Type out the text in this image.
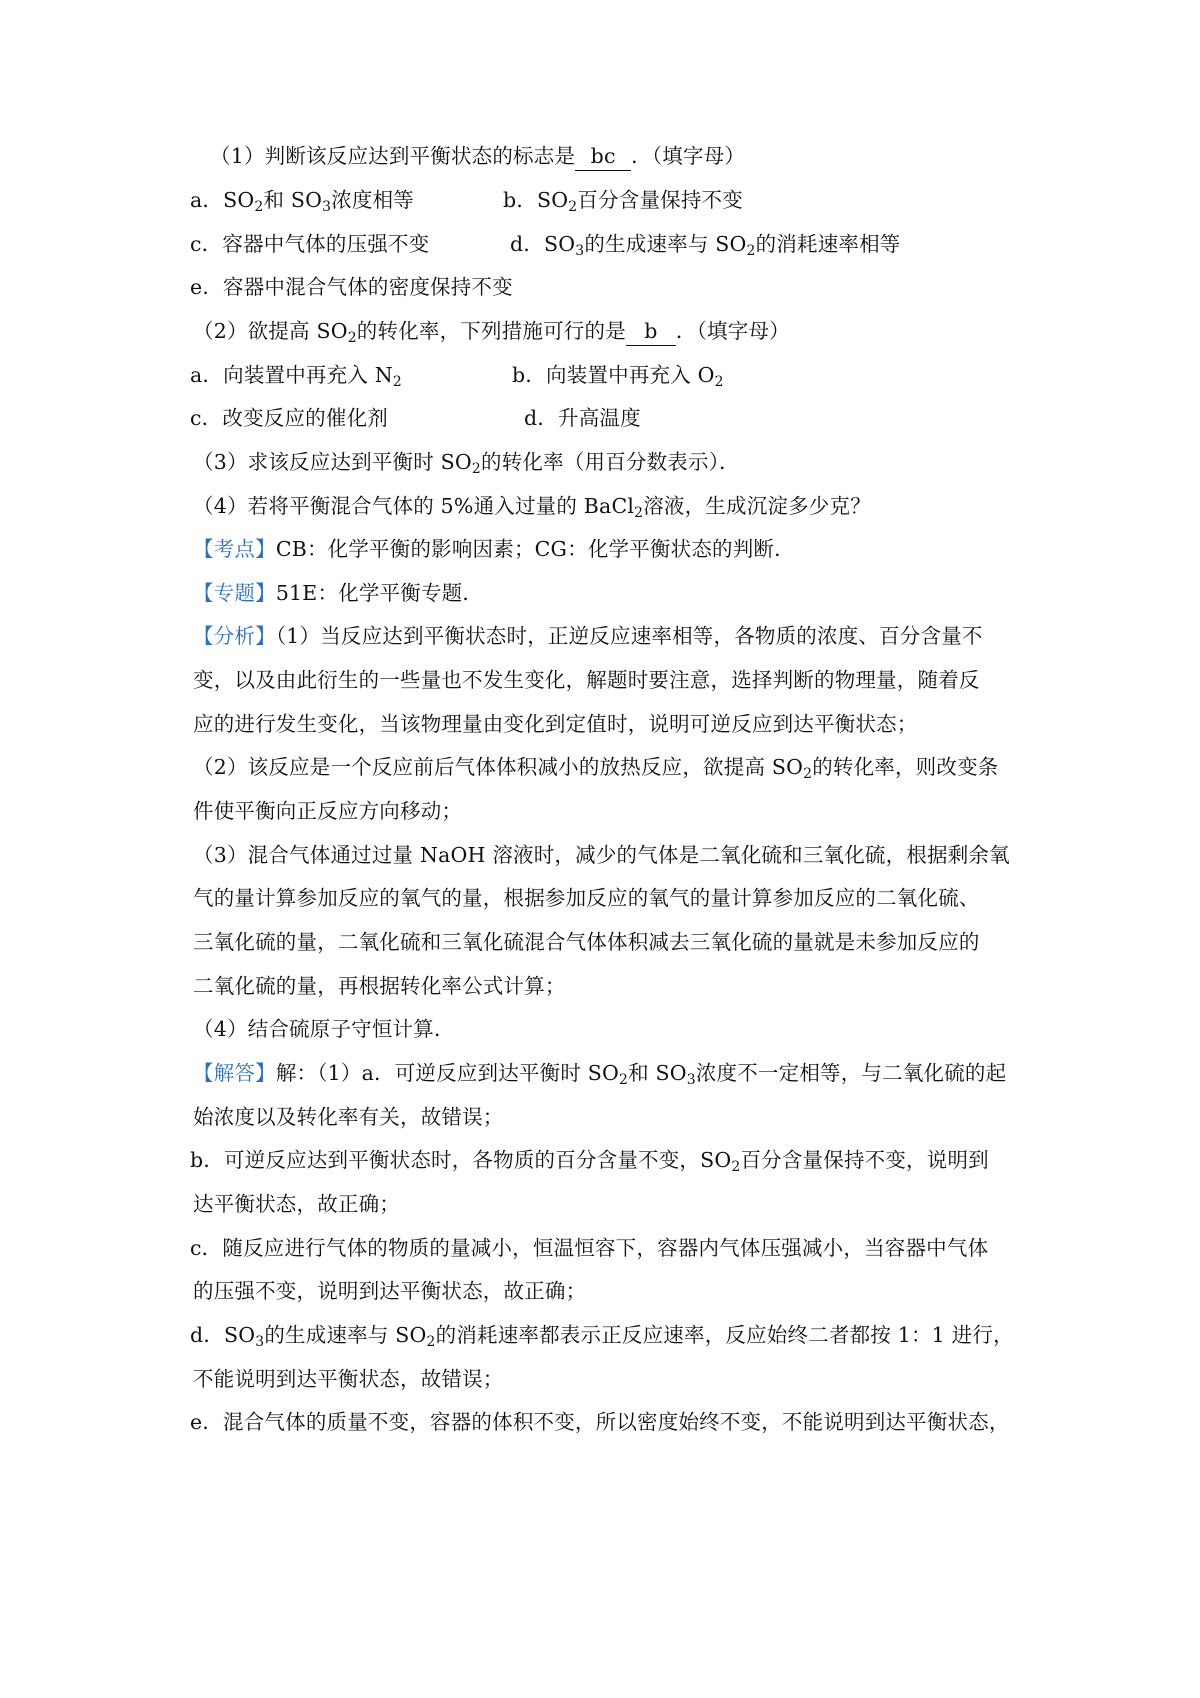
（1）判断该反应达到平衡状态的标志是 bc ．（填字母）
a．$SO_2$和 $SO_3$浓度相等	b．$SO_2$百分含量保持不变
c．容器中气体的压强不变	d．$SO_3$的生成速率与 $SO_2$的消耗速率相等
e．容器中混合气体的密度保持不变
（2）欲提高 $SO_2$的转化率，下列措施可行的是 b ．（填字母）
a．向装置中再充入 $N_2$	b．向装置中再充入 $O_2$
c．改变反应的催化剂	d．升高温度
（3）求该反应达到平衡时 $SO_2$的转化率（用百分数表示）．
（4）若将平衡混合气体的 5%通入过量的 BaCl$_2$溶液，生成沉淀多少克？
【考点】CB：化学平衡的影响因素；CG：化学平衡状态的判断．
【专题】51E：化学平衡专题．
【分析】（1）当反应达到平衡状态时，正逆反应速率相等，各物质的浓度、百分含量不
变，以及由此衍生的一些量也不发生变化，解题时要注意，选择判断的物理量，随着反
应的进行发生变化，当该物理量由变化到定值时，说明可逆反应到达平衡状态；
（2）该反应是一个反应前后气体体积减小的放热反应，欲提高 $SO_2$的转化率，则改变条
件使平衡向正反应方向移动；
（3）混合气体通过过量 NaOH 溶液时，减少的气体是二氧化硫和三氧化硫，根据剩余氧
气的量计算参加反应的氧气的量，根据参加反应的氧气的量计算参加反应的二氧化硫、
三氧化硫的量，二氧化硫和三氧化硫混合气体体积减去三氧化硫的量就是未参加反应的
二氧化硫的量，再根据转化率公式计算；
（4）结合硫原子守恒计算．
【解答】解：（1）a．可逆反应到达平衡时 $SO_2$和 $SO_3$浓度不一定相等，与二氧化硫的起
始浓度以及转化率有关，故错误；
b．可逆反应达到平衡状态时，各物质的百分含量不变，$SO_2$百分含量保持不变，说明到
达平衡状态，故正确；
c．随反应进行气体的物质的量减小，恒温恒容下，容器内气体压强减小，当容器中气体
的压强不变，说明到达平衡状态，故正确；
d．$SO_3$的生成速率与 $SO_2$的消耗速率都表示正反应速率，反应始终二者都按 1：1 进行，
不能说明到达平衡状态，故错误；
e．混合气体的质量不变，容器的体积不变，所以密度始终不变，不能说明到达平衡状态，
